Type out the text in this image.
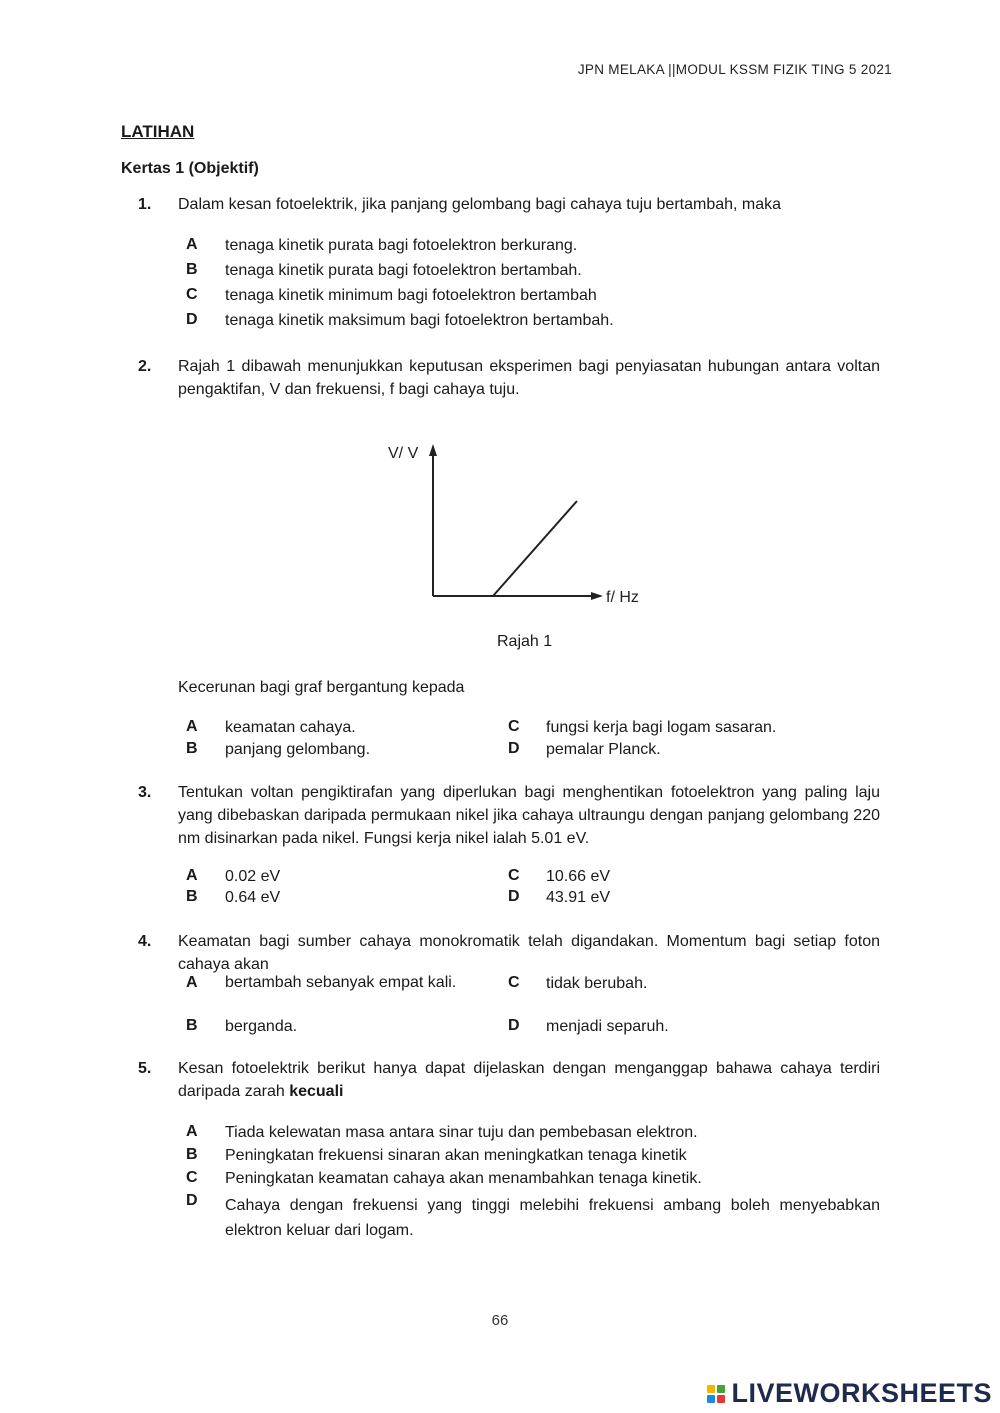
JPN MELAKA ||MODUL KSSM FIZIK TING 5 2021
LATIHAN
Kertas 1 (Objektif)
1. Dalam kesan fotoelektrik, jika panjang gelombang bagi cahaya tuju bertambah, maka
A tenaga kinetik purata bagi fotoelektron berkurang.
B tenaga kinetik purata bagi fotoelektron bertambah.
C tenaga kinetik minimum bagi fotoelektron bertambah
D tenaga kinetik maksimum bagi fotoelektron bertambah.
2. Rajah 1 dibawah menunjukkan keputusan eksperimen bagi penyiasatan hubungan antara voltan pengaktifan, V dan frekuensi, f bagi cahaya tuju.
V/ V
f/ Hz
Rajah 1
Kecerunan bagi graf bergantung kepada
A keamatan cahaya.
B panjang gelombang.
C fungsi kerja bagi logam sasaran.
D pemalar Planck.
3. Tentukan voltan pengiktirafan yang diperlukan bagi menghentikan fotoelektron yang paling laju yang dibebaskan daripada permukaan nikel jika cahaya ultraungu dengan panjang gelombang 220 nm disinarkan pada nikel. Fungsi kerja nikel ialah 5.01 eV.
A 0.02 eV
B 0.64 eV
C 10.66 eV
D 43.91 eV
4. Keamatan bagi sumber cahaya monokromatik telah digandakan. Momentum bagi setiap foton cahaya akan
A bertambah sebanyak empat kali.
B berganda.
C tidak berubah.
D menjadi separuh.
5. Kesan fotoelektrik berikut hanya dapat dijelaskan dengan menganggap bahawa cahaya terdiri daripada zarah kecuali
A Tiada kelewatan masa antara sinar tuju dan pembebasan elektron.
B Peningkatan frekuensi sinaran akan meningkatkan tenaga kinetik
C Peningkatan keamatan cahaya akan menambahkan tenaga kinetik.
D Cahaya dengan frekuensi yang tinggi melebihi frekuensi ambang boleh menyebabkan elektron keluar dari logam.
66
LIVEWORKSHEETS
